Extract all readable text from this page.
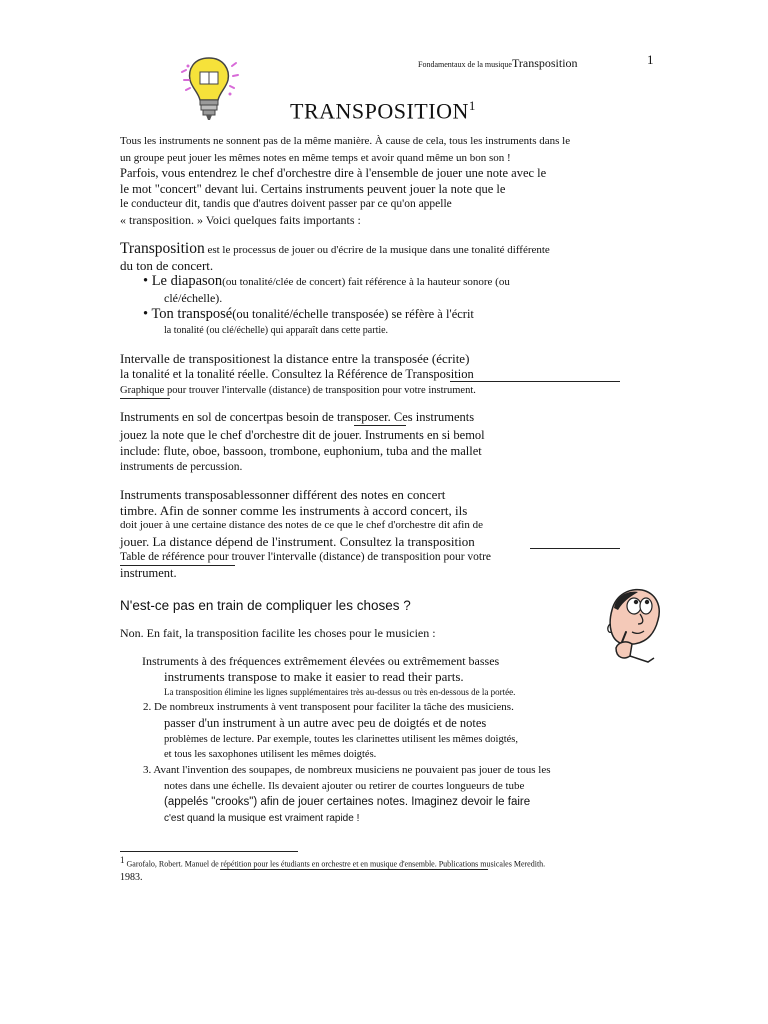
Fondamentaux de la musiqueTransposition	1
TRANSPOSITION$^1$
Tous les instruments ne sonnent pas de la même manière. À cause de cela, tous les instruments dans le
un groupe peut jouer les mêmes notes en même temps et avoir quand même un bon son !
Parfois, vous entendrez le chef d'orchestre dire à l'ensemble de jouer une note avec le
le mot "concert" devant lui. Certains instruments peuvent jouer la note que le
le conducteur dit, tandis que d'autres doivent passer par ce qu'on appelle
« transposition. » Voici quelques faits importants :
Transposition est le processus de jouer ou d'écrire de la musique dans une tonalité différente
du ton de concert.
• Le diapason(ou tonalité/clée de concert) fait référence à la hauteur sonore (ou
clé/échelle).
• Ton transposé(ou tonalité/échelle transposée) se réfère à l'écrit
la tonalité (ou clé/échelle) qui apparaît dans cette partie.
Intervalle de transpositionest la distance entre la transposée (écrite)
la tonalité et la tonalité réelle. Consultez la Référence de Transposition
Graphique pour trouver l'intervalle (distance) de transposition pour votre instrument.
Instruments en sol de concertpas besoin de transposer. Ces instruments
jouez la note que le chef d'orchestre dit de jouer. Instruments en si bemol
include: flute, oboe, bassoon, trombone, euphonium, tuba and the mallet
instruments de percussion.
Instruments transposablessonner différent des notes en concert
timbre. Afin de sonner comme les instruments à accord concert, ils
doit jouer à une certaine distance des notes de ce que le chef d'orchestre dit afin de
jouer. La distance dépend de l'instrument. Consultez la transposition
Table de référence pour trouver l'intervalle (distance) de transposition pour votre
instrument.
N'est-ce pas en train de compliquer les choses ?
Non. En fait, la transposition facilite les choses pour le musicien :
Instruments à des fréquences extrêmement élevées ou extrêmement basses
instruments transpose to make it easier to read their parts.
La transposition élimine les lignes supplémentaires très au-dessus ou très en-dessous de la portée.
2. De nombreux instruments à vent transposent pour faciliter la tâche des musiciens.
passer d'un instrument à un autre avec peu de doigtés et de notes
problèmes de lecture. Par exemple, toutes les clarinettes utilisent les mêmes doigtés,
et tous les saxophones utilisent les mêmes doigtés.
3. Avant l'invention des soupapes, de nombreux musiciens ne pouvaient pas jouer de tous les
notes dans une échelle. Ils devaient ajouter ou retirer de courtes longueurs de tube
(appelés "crooks") afin de jouer certaines notes. Imaginez devoir le faire
c'est quand la musique est vraiment rapide !
$^1$ Garofalo, Robert. Manuel de répétition pour les étudiants en orchestre et en musique d'ensemble. Publications musicales Meredith.
1983.
